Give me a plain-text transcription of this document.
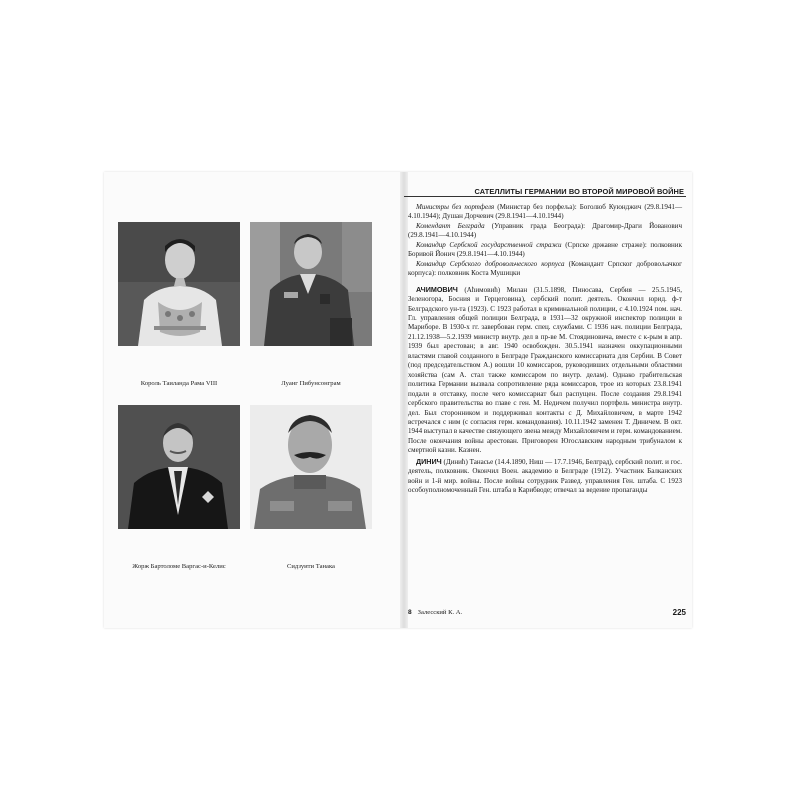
Король Таиланда Рама VIII	Луанг Пибунсонграм
Жорж Бартоломе Варгас-и-Келис	Сидзуити Танака
САТЕЛЛИТЫ ГЕРМАНИИ ВО ВТОРОЙ МИРОВОЙ ВОЙНЕ

Министры без портфеля (Министар без порфеља): Боголюб Куюнджич (29.8.1941—4.10.1944); Душан Дорчевич (29.8.1941—4.10.1944)

Комендант Белграда (Управник града Београда): Драгомир-Драги Йованович (29.8.1941—4.10.1944)

Командир Сербской государственной стражи (Српске државне страже): полковник Боривой Йонич (29.8.1941—4.10.1944)

Командир Сербского добровольческого корпуса (Командант Српског добровољачког корпуса): полковник Коста Мушицки

АЧИМОВИЧ (Аћимовић) Милан (31.5.1898, Пиносава, Сербия — 25.5.1945, Зеленогора, Босния и Герцеговина), сербский полит. деятель. Окончил юрид. ф-т Белградского ун-та (1923). С 1923 работал в криминальной полиции, с 4.10.1924 пом. нач. Гл. управления общей полиции Белграда, в 1931—32 окружной инспектор полиции в Мариборе. В 1930-х гг. завербован герм. спец. службами. С 1936 нач. полиции Белграда, 21.12.1938—5.2.1939 министр внутр. дел в пр-ве М. Стоядиновича, вместе с к-рым в апр. 1939 был арестован; в авг. 1940 освобожден. 30.5.1941 назначен оккупационными властями главой созданного в Белграде Гражданского комиссариата для Сербии. В Совет (под председательством А.) вошли 10 комиссаров, руководивших отдельными областями хозяйства (сам А. стал также комиссаром по внутр. делам). Однако грабительская политика Германии вызвала сопротивление ряда комиссаров, трое из которых 23.8.1941 подали в отставку, после чего комиссариат был распущен. После создания 29.8.1941 сербского правительства во главе с ген. М. Недичем получил портфель министра внутр. дел. Был сторонником и поддерживал контакты с Д. Михайловичем, в марте 1942 встречался с ним (с согласия герм. командования). 10.11.1942 заменен Т. Диничем. В окт. 1944 выступал в качестве связующего звена между Михайловичем и герм. командованием. После окончания войны арестован. Приговорен Югославским народным трибуналом к смертной казни. Казнен.

ДИНИЧ (Динић) Танасье (14.4.1890, Ниш — 17.7.1946, Белград), сербский полит. и гос. деятель, полковник. Окончил Воен. академию в Белграде (1912). Участник Балканских войн и 1-й мир. войны. После войны сотрудник Развед. управления Ген. штаба. С 1923 особоуполномоченный Ген. штаба в Карибводе; отвечал за ведение пропаганды

8 Залесский К. А.	225
